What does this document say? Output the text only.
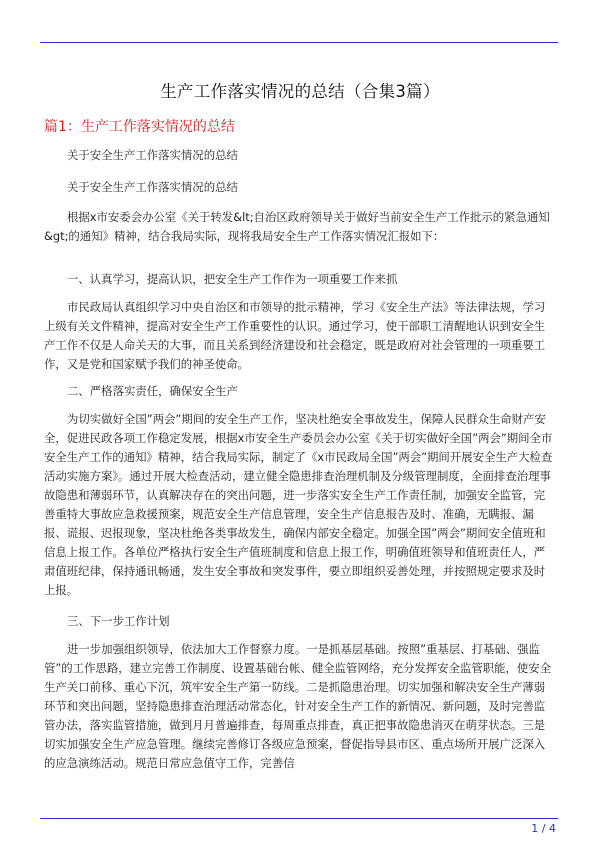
生产工作落实情况的总结（合集3篇）
篇1：生产工作落实情况的总结

关于安全生产工作落实情况的总结

关于安全生产工作落实情况的总结

根据x市安委会办公室《关于转发&lt;自治区政府领导关于做好当前安全生产工作批示的紧急通知&gt;的通知》精神，结合我局实际，现将我局安全生产工作落实情况汇报如下：

一、认真学习，提高认识，把安全生产工作作为一项重要工作来抓

市民政局认真组织学习中央自治区和市领导的批示精神，学习《安全生产法》等法律法规，学习上级有关文件精神，提高对安全生产工作重要性的认识。通过学习，使干部职工清醒地认识到安全生产工作不仅是人命关天的大事，而且关系到经济建设和社会稳定，既是政府对社会管理的一项重要工作，又是党和国家赋予我们的神圣使命。

二、严格落实责任，确保安全生产

为切实做好全国”两会”期间的安全生产工作，坚决杜绝安全事故发生，保障人民群众生命财产安全，促进民政各项工作稳定发展，根据x市安全生产委员会办公室《关于切实做好全国”两会”期间全市安全生产工作的通知》精神，结合我局实际，制定了《x市民政局全国”两会”期间开展安全生产大检查活动实施方案》。通过开展大检查活动，建立健全隐患排查治理机制及分级管理制度，全面排查治理事故隐患和薄弱环节，认真解决存在的突出问题，进一步落实安全生产工作责任制，加强安全监管，完善重特大事故应急救援预案，规范安全生产信息管理，安全生产信息报告及时、准确，无瞒报、漏报、谎报、迟报现象，坚决杜绝各类事故发生，确保内部安全稳定。加强全国”两会”期间安全值班和信息上报工作。各单位严格执行安全生产值班制度和信息上报工作，明确值班领导和值班责任人，严肃值班纪律，保持通讯畅通，发生安全事故和突发事件，要立即组织妥善处理，并按照规定要求及时上报。

三、下一步工作计划

进一步加强组织领导，依法加大工作督察力度。一是抓基层基础。按照”重基层、打基础、强监管”的工作思路，建立完善工作制度、设置基础台帐、健全监管网络，充分发挥安全监管职能，使安全生产关口前移、重心下沉，筑牢安全生产第一防线。二是抓隐患治理。切实加强和解决安全生产薄弱环节和突出问题，坚持隐患排查治理活动常态化，针对安全生产工作的新情况、新问题，及时完善监管办法，落实监管措施，做到月月普遍排查，每周重点排查，真正把事故隐患消灭在萌芽状态。三是切实加强安全生产应急管理。继续完善修订各级应急预案，督促指导县市区、重点场所开展广泛深入的应急演练活动。规范日常应急值守工作，完善信

1 / 4
